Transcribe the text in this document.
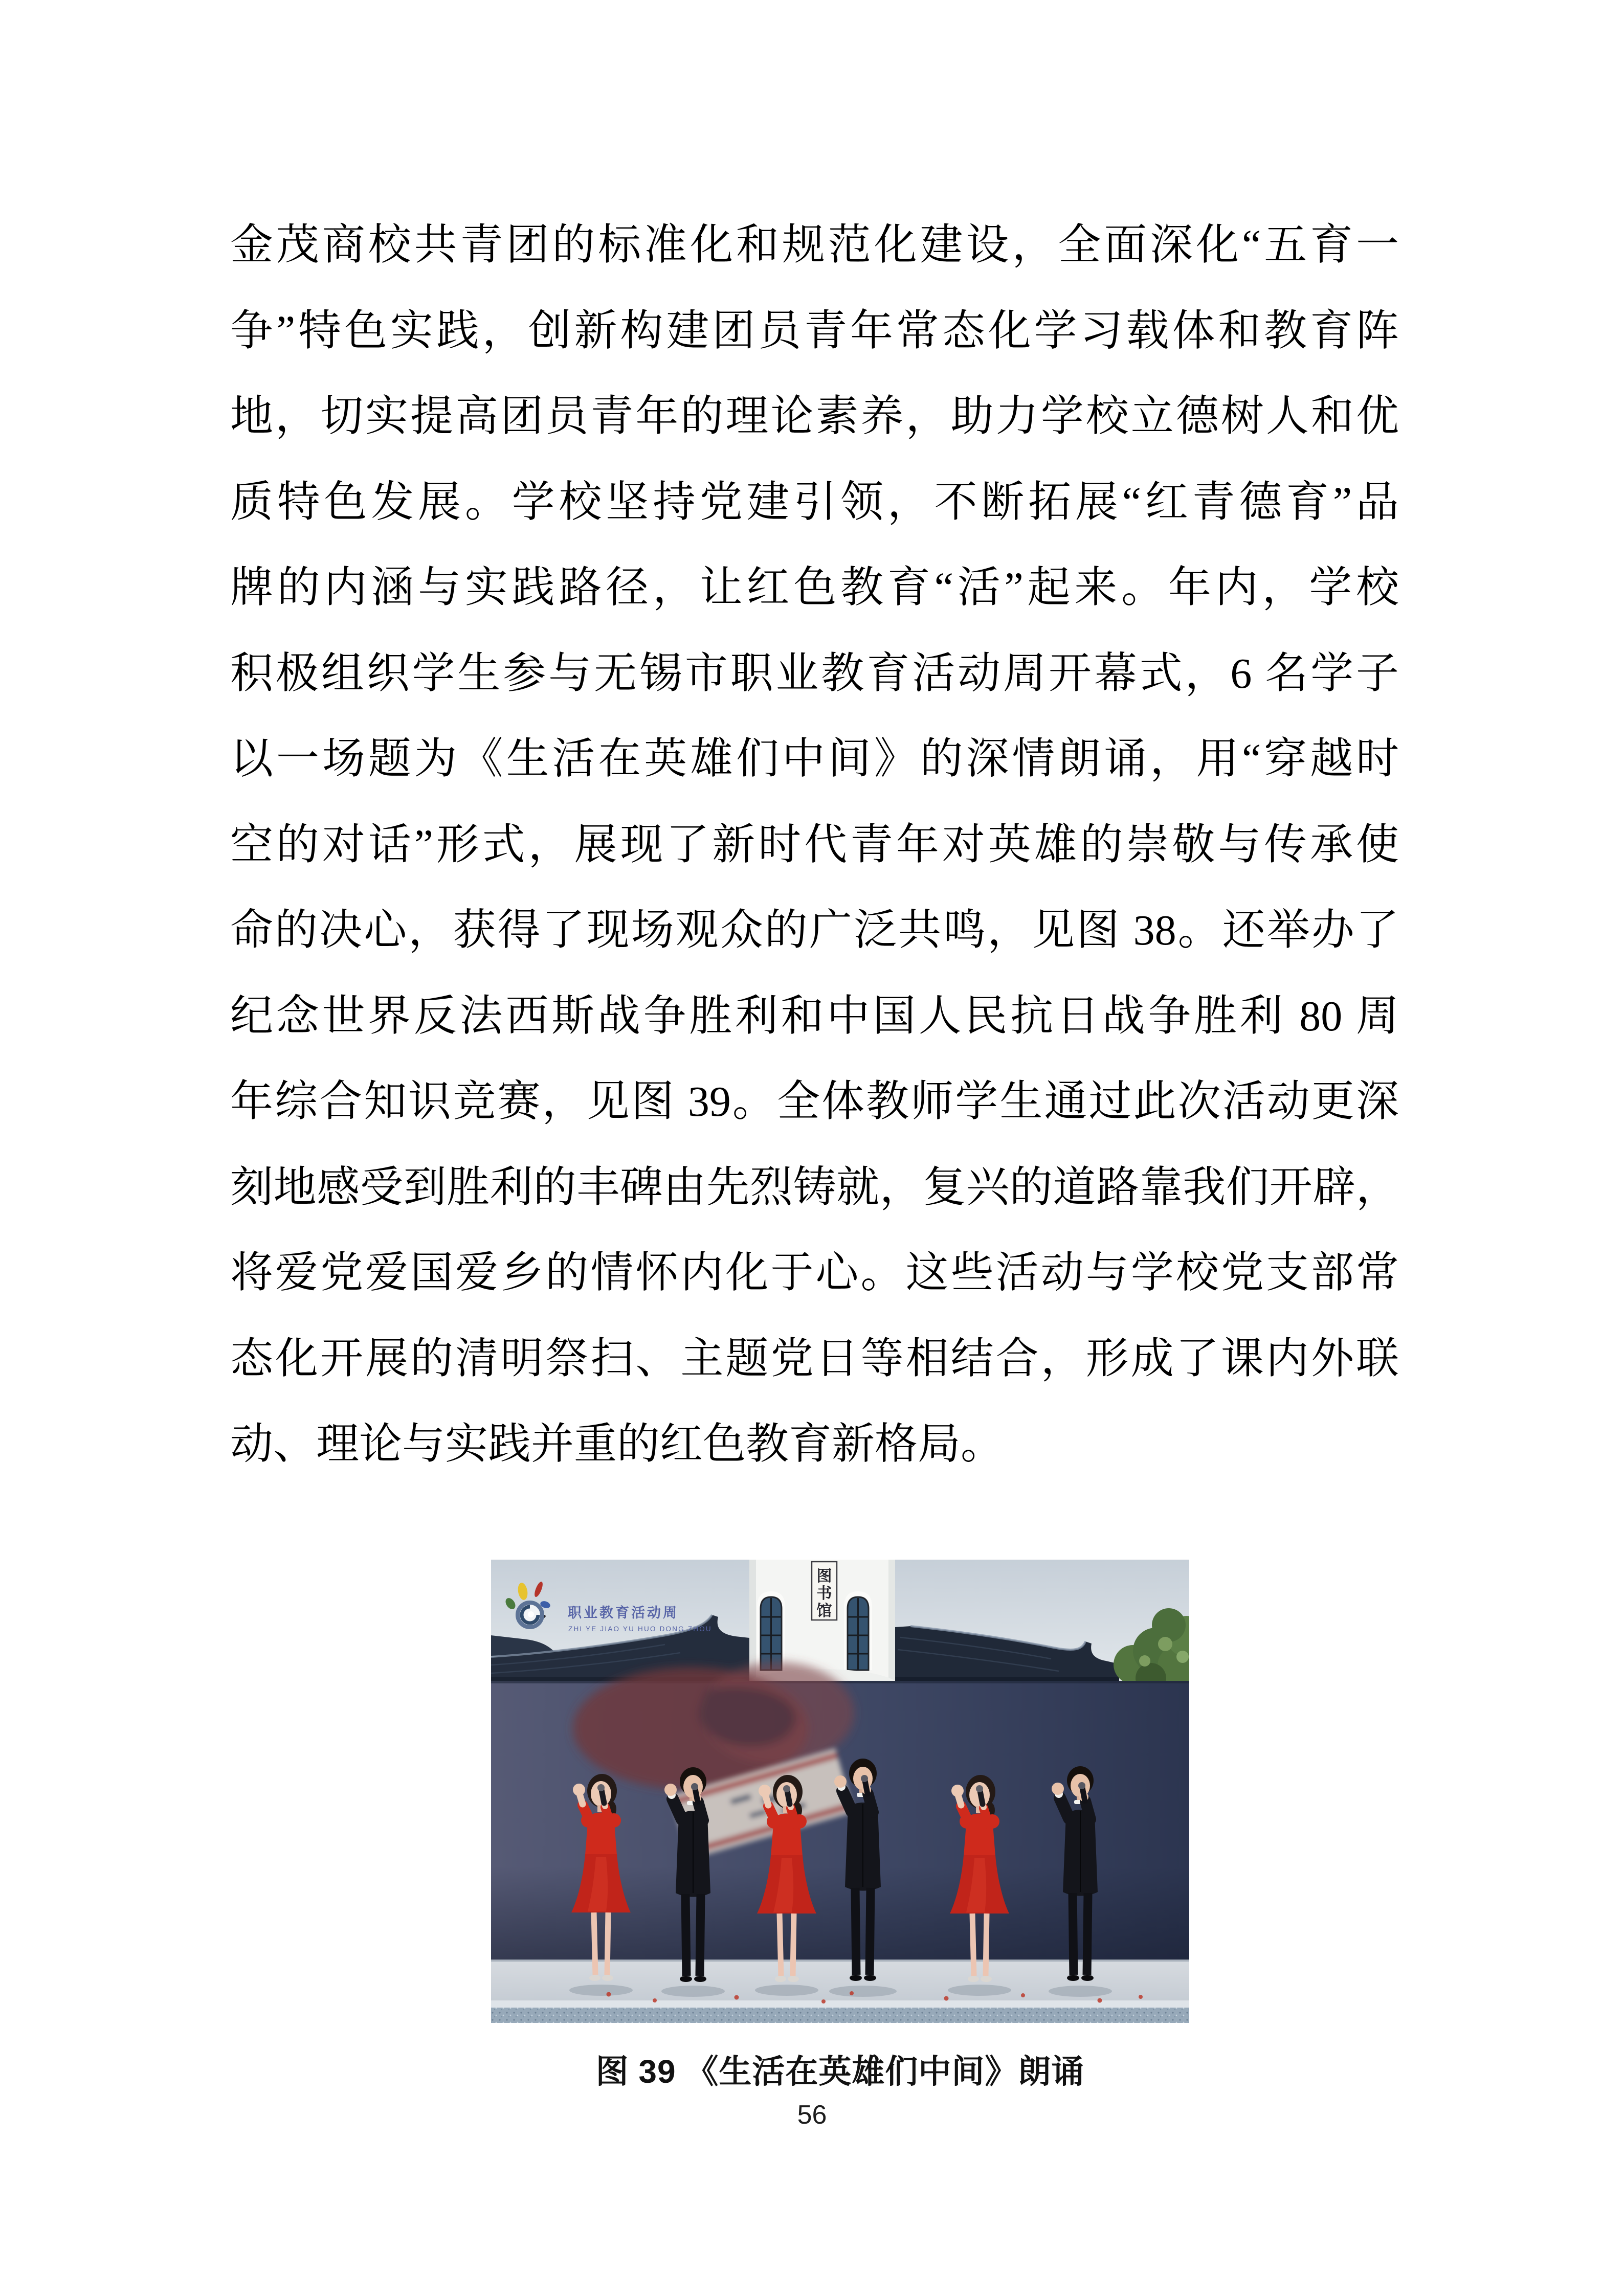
金茂商校共青团的标准化和规范化建设，全面深化“五育一
争”特色实践，创新构建团员青年常态化学习载体和教育阵
地，切实提高团员青年的理论素养，助力学校立德树人和优
质特色发展。学校坚持党建引领，不断拓展“红青德育”品
牌的内涵与实践路径，让红色教育“活”起来。年内，学校
积极组织学生参与无锡市职业教育活动周开幕式，6 名学子
以一场题为《生活在英雄们中间》的深情朗诵，用“穿越时
空的对话”形式，展现了新时代青年对英雄的崇敬与传承使
命的决心，获得了现场观众的广泛共鸣，见图 38。还举办了
纪念世界反法西斯战争胜利和中国人民抗日战争胜利 80 周
年综合知识竞赛，见图 39。全体教师学生通过此次活动更深
刻地感受到胜利的丰碑由先烈铸就，复兴的道路靠我们开辟，
将爱党爱国爱乡的情怀内化于心。这些活动与学校党支部常
态化开展的清明祭扫、主题党日等相结合，形成了课内外联
动、理论与实践并重的红色教育新格局。
图
书
馆
职业教育活动周
ZHI YE JIAO YU HUO DONG ZHOU
图 39 《生活在英雄们中间》朗诵
56
